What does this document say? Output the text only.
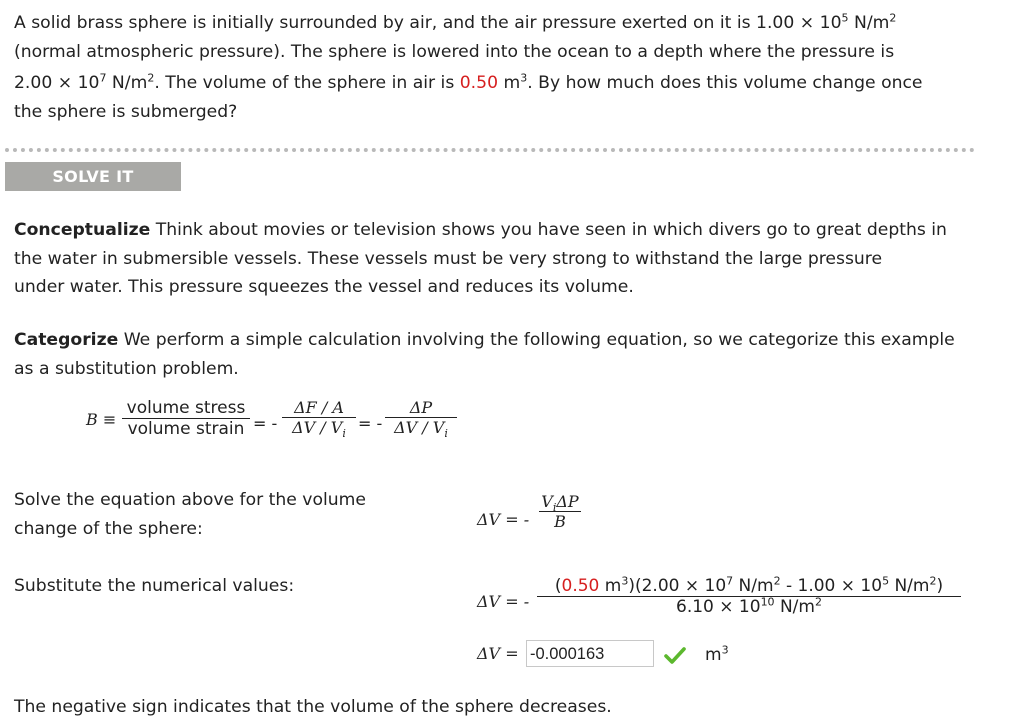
A solid brass sphere is initially surrounded by air, and the air pressure exerted on it is $1.00 \times 10^5$ $N/m^2$
(normal atmospheric pressure). The sphere is lowered into the ocean to a depth where the pressure is
$2.00 \times 10^7$ $N/m^2$. The volume of the sphere in air is 0.50 $m^3$. By how much does this volume change once
the sphere is submerged?
SOLVE IT
Conceptualize Think about movies or television shows you have seen in which divers go to great depths in
the water in submersible vessels. These vessels must be very strong to withstand the large pressure
under water. This pressure squeezes the vessel and reduces its volume.
Categorize We perform a simple calculation involving the following equation, so we categorize this example
as a substitution problem.
B ≡
volume stress
volume strain = -
ΔF / A
ΔV / $V_i$
= -
ΔP
ΔV / $V_i$
Solve the equation above for the volume
change of the sphere:	ΔV = -
$V_i\Delta P$
B
Substitute the numerical values:
ΔV = -
(0.50 $m^3)(2.00 \times 10^7$ $N/m^2 - 1.00 \times 10^5$ $N/m^2$)
$6.10 \times 10^{10}$ $N/m^2$
ΔV = -0.000163	$m^3$
The negative sign indicates that the volume of the sphere decreases.
